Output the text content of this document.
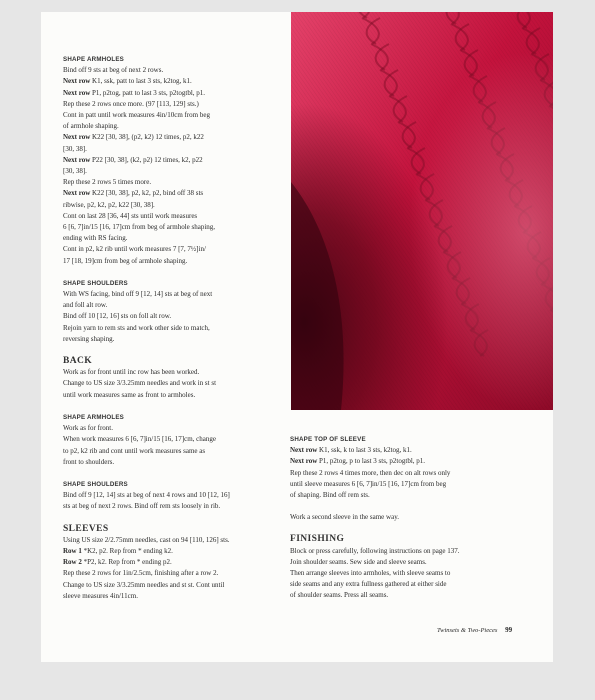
SHAPE ARMHOLES

Bind off 9 sts at beg of next 2 rows.

Next row K1, ssk, patt to last 3 sts, k2tog, k1.

Next row P1, p2tog, patt to last 3 sts, p2togtbl, p1.

Rep these 2 rows once more. (97 [113, 129] sts.)

Cont in patt until work measures 4in/10cm from beg

of armhole shaping.

Next row K22 [30, 38], (p2, k2) 12 times, p2, k22

[30, 38].

Next row P22 [30, 38], (k2, p2) 12 times, k2, p22

[30, 38].

Rep these 2 rows 5 times more.

Next row K22 [30, 38], p2, k2, p2, bind off 38 sts

ribwise, p2, k2, p2, k22 [30, 38].

Cont on last 28 [36, 44] sts until work measures

6 [6, 7]in/15 [16, 17]cm from beg of armhole shaping,

ending with RS facing.

Cont in p2, k2 rib until work measures 7 [7, 7½]in/

17 [18, 19]cm from beg of armhole shaping.

SHAPE SHOULDERS

With WS facing, bind off 9 [12, 14] sts at beg of next

and foll alt row.

Bind off 10 [12, 16] sts on foll alt row.

Rejoin yarn to rem sts and work other side to match,

reversing shaping.

BACK

Work as for front until inc row has been worked.

Change to US size 3/3.25mm needles and work in st st

until work measures same as front to armholes.

SHAPE ARMHOLES

Work as for front.

When work measures 6 [6, 7]in/15 [16, 17]cm, change

to p2, k2 rib and cont until work measures same as

front to shoulders.

SHAPE SHOULDERS

Bind off 9 [12, 14] sts at beg of next 4 rows and 10 [12, 16]

sts at beg of next 2 rows. Bind off rem sts loosely in rib.

SLEEVES

Using US size 2/2.75mm needles, cast on 94 [110, 126] sts.

Row 1 *K2, p2. Rep from * ending k2.

Row 2 *P2, k2. Rep from * ending p2.

Rep these 2 rows for 1in/2.5cm, finishing after a row 2.

Change to US size 3/3.25mm needles and st st. Cont until

sleeve measures 4in/11cm.

SHAPE TOP OF SLEEVE

Next row K1, ssk, k to last 3 sts, k2tog, k1.

Next row P1, p2tog, p to last 3 sts, p2togtbl, p1.

Rep these 2 rows 4 times more, then dec on alt rows only

until sleeve measures 6 [6, 7]in/15 [16, 17]cm from beg

of shaping. Bind off rem sts.

Work a second sleeve in the same way.

FINISHING

Block or press carefully, following instructions on page 137.

Join shoulder seams. Sew side and sleeve seams.

Then arrange sleeves into armholes, with sleeve seams to

side seams and any extra fullness gathered at either side

of shoulder seams. Press all seams.

Twinsets & Two-Pieces 99
